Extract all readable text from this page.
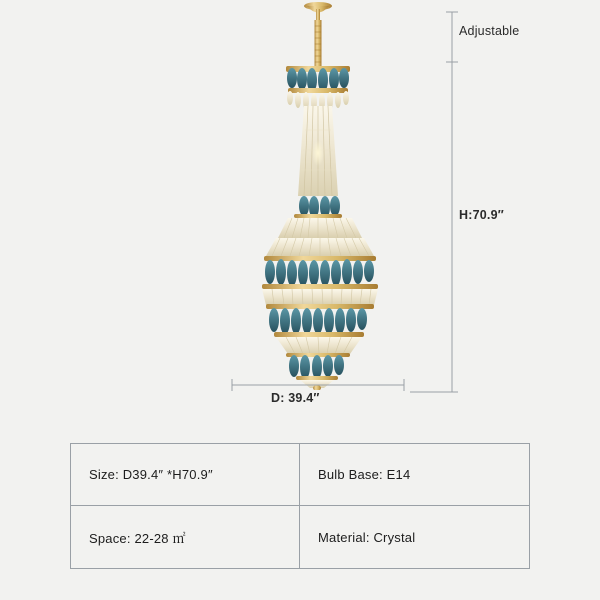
Adjustable
H:70.9″
D: 39.4″
Size: D39.4″ *H70.9″	Bulb Base: E14
Space: 22-28 ㎡	Material: Crystal
